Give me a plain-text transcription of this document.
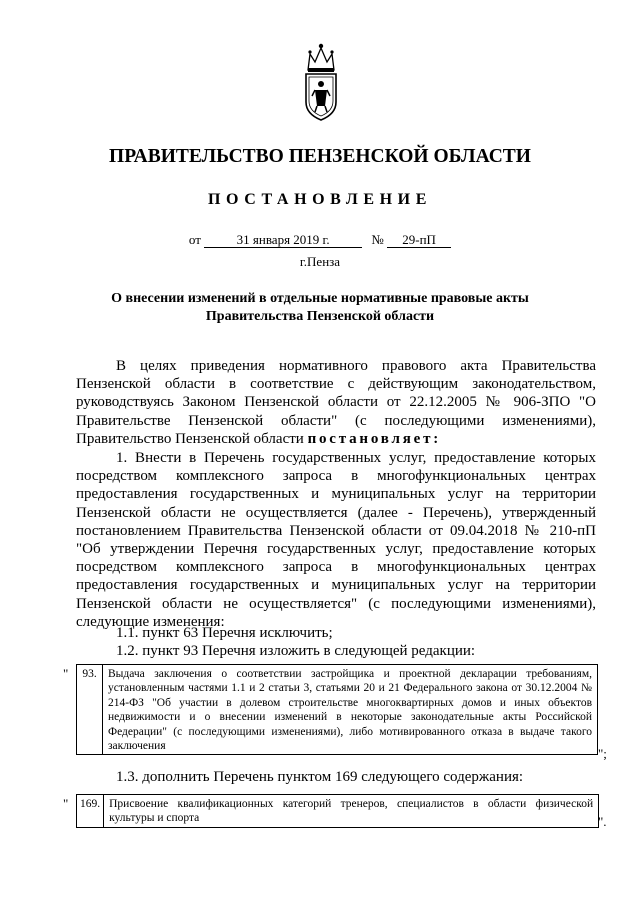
ПРАВИТЕЛЬСТВО ПЕНЗЕНСКОЙ ОБЛАСТИ
ПОСТАНОВЛЕНИЕ
от	31 января 2019 г.	№ 29-пП
г.Пенза
О внесении изменений в отдельные нормативные правовые акты
Правительства Пензенской области

В целях приведения нормативного правового акта Правительства Пензенской области в соответствие с действующим законодательством, руководствуясь Законом Пензенской области от 22.12.2005 № 906-ЗПО "О Правительстве Пензенской области" (с последующими изменениями), Правительство Пензенской области постановляет:

1. Внести в Перечень государственных услуг, предоставление которых посредством комплексного запроса в многофункциональных центрах предоставления государственных и муниципальных услуг на территории Пензенской области не осуществляется (далее - Перечень), утвержденный постановлением Правительства Пензенской области от 09.04.2018 № 210-пП "Об утверждении Перечня государственных услуг, предоставление которых посредством комплексного запроса в многофункциональных центрах предоставления государственных и муниципальных услуг на территории Пензенской области не осуществляется" (с последующими изменениями), следующие изменения:

1.1. пункт 63 Перечня исключить;
1.2. пункт 93 Перечня изложить в следующей редакции:
" 93.	Выдача заключения о соответствии застройщика и проектной декларации требованиям, установленным частями 1.1 и 2 статьи 3, статьями 20 и 21 Федерального закона от 30.12.2004 № 214-ФЗ "Об участии в долевом строительстве многоквартирных домов и иных объектов недвижимости и о внесении изменений в некоторые законодательные акты Российской Федерации" (с последующими изменениями), либо мотивированного отказа в выдаче такого заключения	";
1.3. дополнить Перечень пунктом 169 следующего содержания:
" 169.	Присвоение квалификационных категорий тренеров, специалистов в области физической культуры и спорта	".
